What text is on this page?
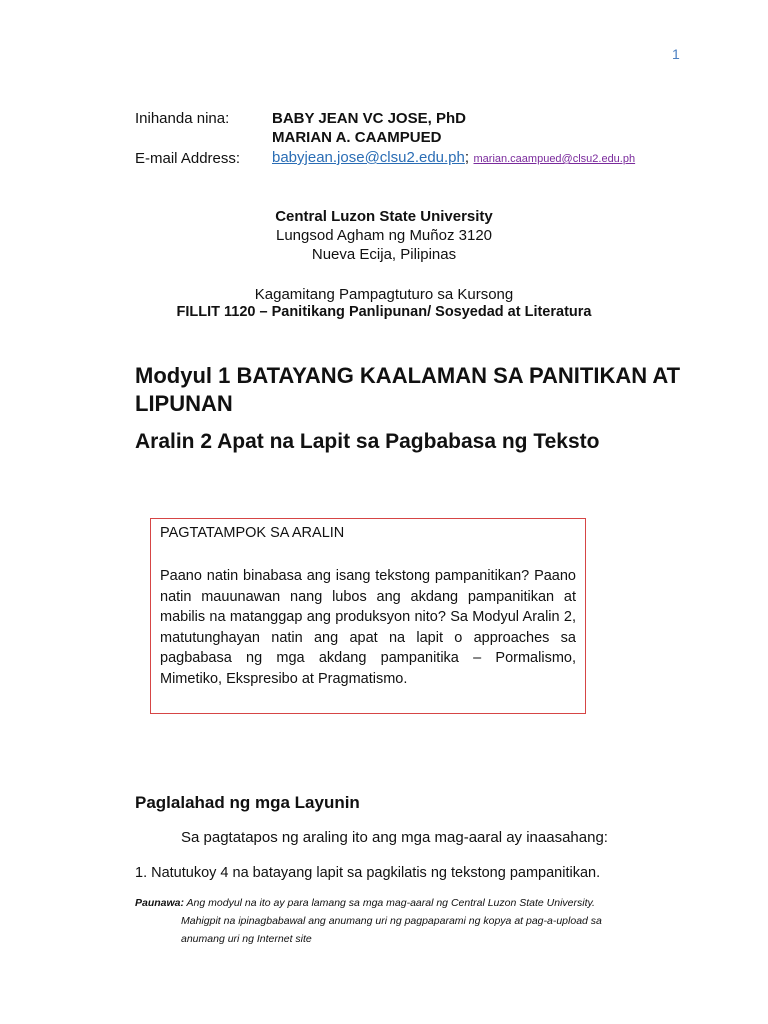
1
Inihanda nina:	BABY JEAN VC JOSE, PhD
MARIAN A. CAAMPUED
E-mail Address: babyjean.jose@clsu2.edu.ph; marian.caampued@clsu2.edu.ph
Central Luzon State University
Lungsod Agham ng Muñoz 3120
Nueva Ecija, Pilipinas
Kagamitang Pampagtuturo sa Kursong
FILLIT 1120 – Panitikang Panlipunan/ Sosyedad at Literatura
Modyul 1 BATAYANG KAALAMAN SA PANITIKAN AT LIPUNAN
Aralin 2 Apat na Lapit sa Pagbabasa ng Teksto
PAGTATAMPOK SA ARALIN
Paano natin binabasa ang isang tekstong pampanitikan? Paano natin mauunawan nang lubos ang akdang pampanitikan at mabilis na matanggap ang produksyon nito? Sa Modyul Aralin 2, matutunghayan natin ang apat na lapit o approaches sa pagbabasa ng mga akdang pampanitika – Pormalismo, Mimetiko, Ekspresibo at Pragmatismo.
Paglalahad ng mga Layunin
Sa pagtatapos ng araling ito ang mga mag-aaral ay inaasahang:
1. Natutukoy 4 na batayang lapit sa pagkilatis ng tekstong pampanitikan.
Paunawa: Ang modyul na ito ay para lamang sa mga mag-aaral ng Central Luzon State University.
Mahigpit na ipinagbabawal ang anumang uri ng pagpaparami ng kopya at pag-a-upload sa
anumang uri ng Internet site
